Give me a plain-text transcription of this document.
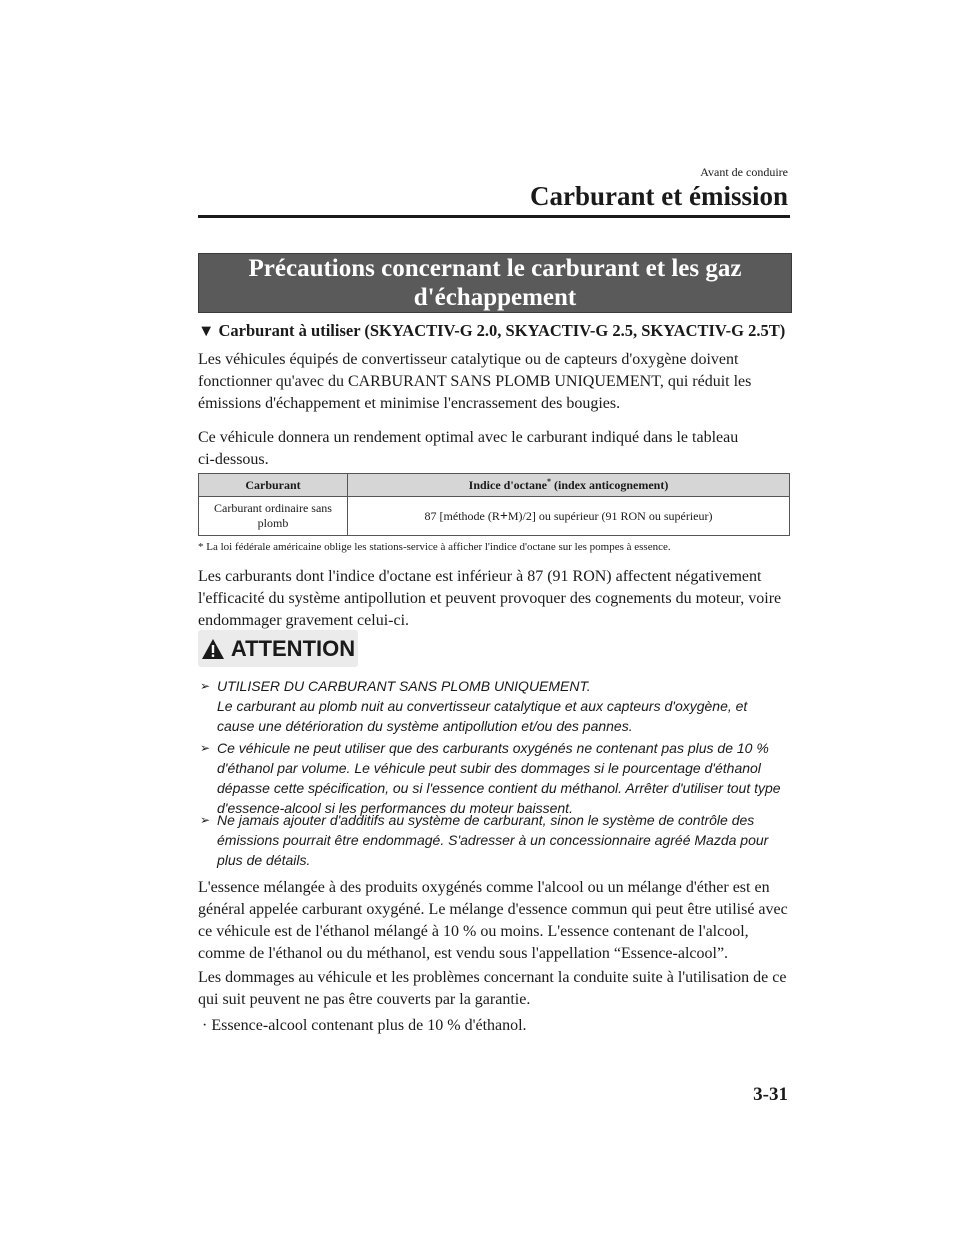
Avant de conduire
Carburant et émission
Précautions concernant le carburant et les gaz
d'échappement
▼ Carburant à utiliser (SKYACTIV-G 2.0, SKYACTIV-G 2.5, SKYACTIV-G 2.5T)
Les véhicules équipés de convertisseur catalytique ou de capteurs d'oxygène doivent
fonctionner qu'avec du CARBURANT SANS PLOMB UNIQUEMENT, qui réduit les
émissions d'échappement et minimise l'encrassement des bougies.
Ce véhicule donnera un rendement optimal avec le carburant indiqué dans le tableau
ci-dessous.
Carburant	Indice d'octane* (index anticognement)
Carburant ordinaire sans
plomb	87 [méthode (R+M)/2] ou supérieur (91 RON ou supérieur)
* La loi fédérale américaine oblige les stations-service à afficher l'indice d'octane sur les pompes à essence.
Les carburants dont l'indice d'octane est inférieur à 87 (91 RON) affectent négativement
l'efficacité du système antipollution et peuvent provoquer des cognements du moteur, voire
endommager gravement celui-ci.
ATTENTION
➢ UTILISER DU CARBURANT SANS PLOMB UNIQUEMENT.
Le carburant au plomb nuit au convertisseur catalytique et aux capteurs d'oxygène, et
cause une détérioration du système antipollution et/ou des pannes.
➢ Ce véhicule ne peut utiliser que des carburants oxygénés ne contenant pas plus de 10 %
d'éthanol par volume. Le véhicule peut subir des dommages si le pourcentage d'éthanol
dépasse cette spécification, ou si l'essence contient du méthanol. Arrêter d'utiliser tout type
d'essence-alcool si les performances du moteur baissent.
➢ Ne jamais ajouter d'additifs au système de carburant, sinon le système de contrôle des
émissions pourrait être endommagé. S'adresser à un concessionnaire agréé Mazda pour
plus de détails.
L'essence mélangée à des produits oxygénés comme l'alcool ou un mélange d'éther est en
général appelée carburant oxygéné. Le mélange d'essence commun qui peut être utilisé avec
ce véhicule est de l'éthanol mélangé à 10 % ou moins. L'essence contenant de l'alcool,
comme de l'éthanol ou du méthanol, est vendu sous l'appellation “Essence-alcool”.
Les dommages au véhicule et les problèmes concernant la conduite suite à l'utilisation de ce
qui suit peuvent ne pas être couverts par la garantie.
· Essence-alcool contenant plus de 10 % d'éthanol.
3-31
